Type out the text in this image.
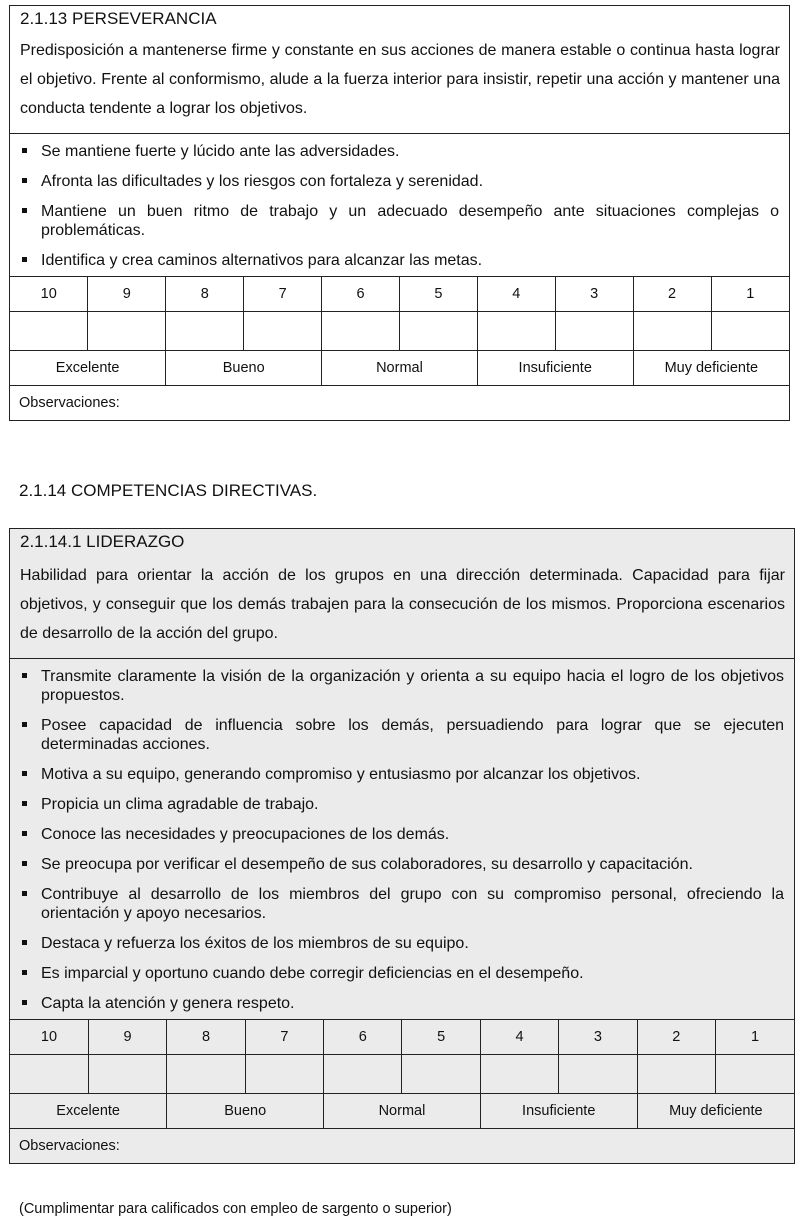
2.1.13 PERSEVERANCIA
Predisposición a mantenerse firme y constante en sus acciones de manera estable o continua hasta lograr el objetivo. Frente al conformismo, alude a la fuerza interior para insistir, repetir una acción y mantener una conducta tendente a lograr los objetivos.
Se mantiene fuerte y lúcido ante las adversidades.
Afronta las dificultades y los riesgos con fortaleza y serenidad.
Mantiene un buen ritmo de trabajo y un adecuado desempeño ante situaciones complejas o problemáticas.
Identifica y crea caminos alternativos para alcanzar las metas.
10	9	8	7	6	5	4	3	2	1

Excelente		Bueno		Normal		Insuficiente		Muy deficiente	
Observaciones:									
2.1.14 COMPETENCIAS DIRECTIVAS.
2.1.14.1 LIDERAZGO
Habilidad para orientar la acción de los grupos en una dirección determinada. Capacidad para fijar objetivos, y conseguir que los demás trabajen para la consecución de los mismos. Proporciona escenarios de desarrollo de la acción del grupo.
Transmite claramente la visión de la organización y orienta a su equipo hacia el logro de los objetivos propuestos.
Posee capacidad de influencia sobre los demás, persuadiendo para lograr que se ejecuten determinadas acciones.
Motiva a su equipo, generando compromiso y entusiasmo por alcanzar los objetivos.
Propicia un clima agradable de trabajo.
Conoce las necesidades y preocupaciones de los demás.
Se preocupa por verificar el desempeño de sus colaboradores, su desarrollo y capacitación.
Contribuye al desarrollo de los miembros del grupo con su compromiso personal, ofreciendo la orientación y apoyo necesarios.
Destaca y refuerza los éxitos de los miembros de su equipo.
Es imparcial y oportuno cuando debe corregir deficiencias en el desempeño.
Capta la atención y genera respeto.
10	9	8	7	6	5	4	3	2	1

Excelente		Bueno		Normal		Insuficiente		Muy deficiente	
Observaciones:									
(Cumplimentar para calificados con empleo de sargento o superior)
